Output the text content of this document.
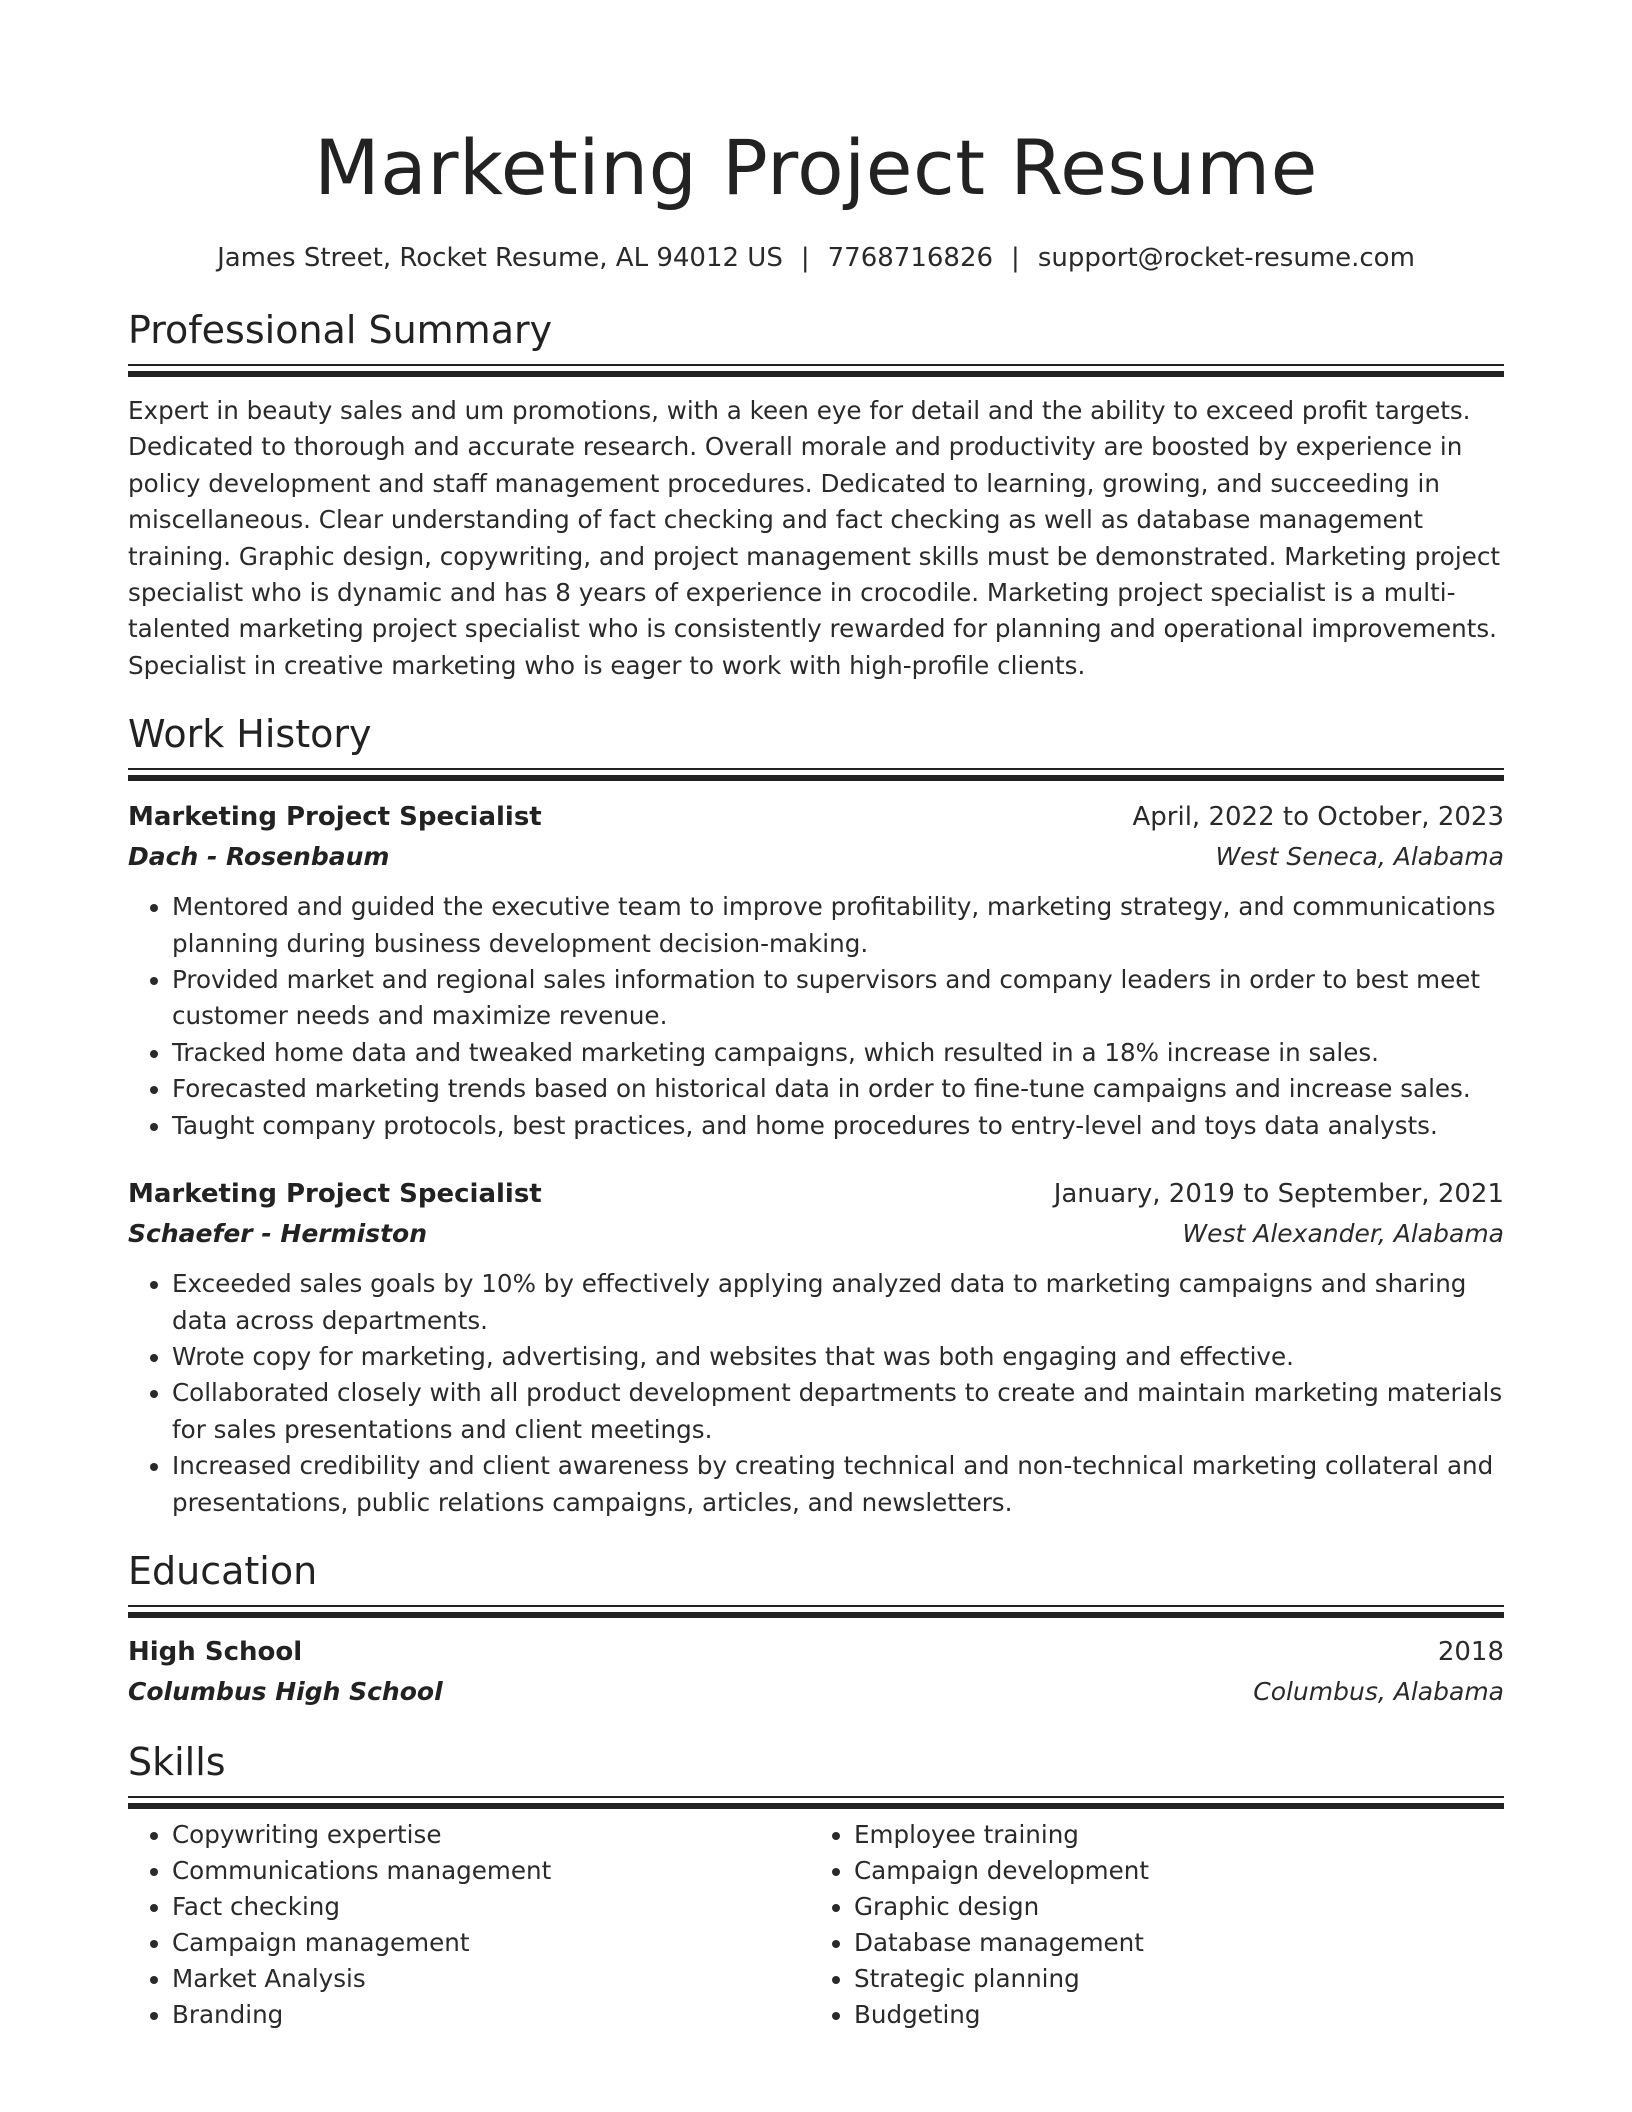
Marketing Project Resume
James Street, Rocket Resume, AL 94012 US | 7768716826 | support@rocket-resume.com
Professional Summary

Expert in beauty sales and um promotions, with a keen eye for detail and the ability to exceed profit targets. Dedicated to thorough and accurate research. Overall morale and productivity are boosted by experience in policy development and staff management procedures. Dedicated to learning, growing, and succeeding in miscellaneous. Clear understanding of fact checking and fact checking as well as database management training. Graphic design, copywriting, and project management skills must be demonstrated. Marketing project specialist who is dynamic and has 8 years of experience in crocodile. Marketing project specialist is a multi-talented marketing project specialist who is consistently rewarded for planning and operational improvements. Specialist in creative marketing who is eager to work with high-profile clients.

Work History
Marketing Project Specialist	April, 2022 to October, 2023
Dach - Rosenbaum	West Seneca, Alabama
• Mentored and guided the executive team to improve profitability, marketing strategy, and communications planning during business development decision-making.
• Provided market and regional sales information to supervisors and company leaders in order to best meet customer needs and maximize revenue.
• Tracked home data and tweaked marketing campaigns, which resulted in a 18% increase in sales.
• Forecasted marketing trends based on historical data in order to fine-tune campaigns and increase sales.
• Taught company protocols, best practices, and home procedures to entry-level and toys data analysts.
Marketing Project Specialist	January, 2019 to September, 2021
Schaefer - Hermiston	West Alexander, Alabama
• Exceeded sales goals by 10% by effectively applying analyzed data to marketing campaigns and sharing data across departments.
• Wrote copy for marketing, advertising, and websites that was both engaging and effective.
• Collaborated closely with all product development departments to create and maintain marketing materials for sales presentations and client meetings.
• Increased credibility and client awareness by creating technical and non-technical marketing collateral and presentations, public relations campaigns, articles, and newsletters.
Education
High School	2018
Columbus High School	Columbus, Alabama
Skills
• Copywriting expertise
• Communications management
• Fact checking
• Campaign management
• Market Analysis
• Branding
• Employee training
• Campaign development
• Graphic design
• Database management
• Strategic planning
• Budgeting
